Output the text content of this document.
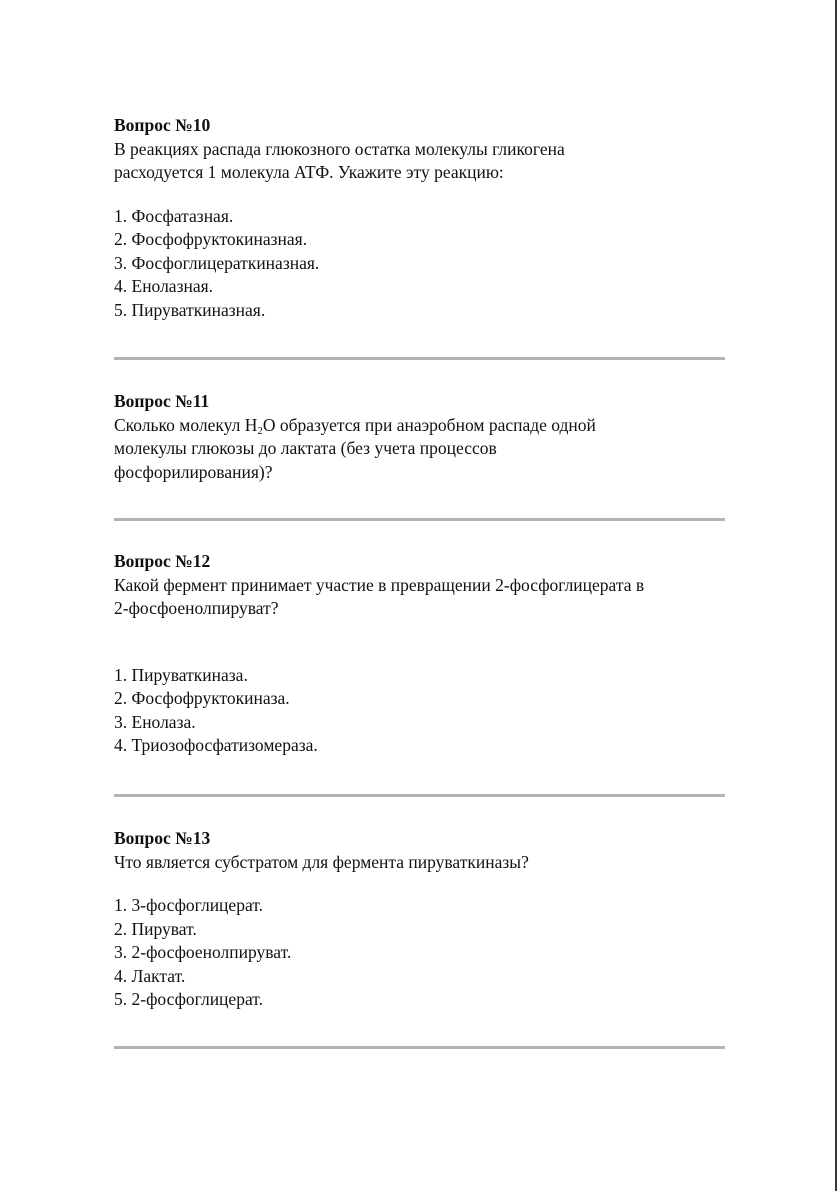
Вопрос №10

В реакциях распада глюкозного остатка молекулы гликогена

расходуется 1 молекула АТФ. Укажите эту реакцию:

1. Фосфатазная.
2. Фосфофруктокиназная.
3. Фосфоглицераткиназная.
4. Енолазная.
5. Пируваткиназная.

Вопрос №11

Сколько молекул $H_2O$ образуется при анаэробном распаде одной

молекулы глюкозы до лактата (без учета процессов

фосфорилирования)?

Вопрос №12

Какой фермент принимает участие в превращении 2-фосфоглицерата в

2-фосфоенолпируват?

1. Пируваткиназа.
2. Фосфофруктокиназа.
3. Енолаза.
4. Триозофосфатизомераза.

Вопрос №13

Что является субстратом для фермента пируваткиназы?

1. 3-фосфоглицерат.
2. Пируват.
3. 2-фосфоенолпируват.
4. Лактат.
5. 2-фосфоглицерат.
